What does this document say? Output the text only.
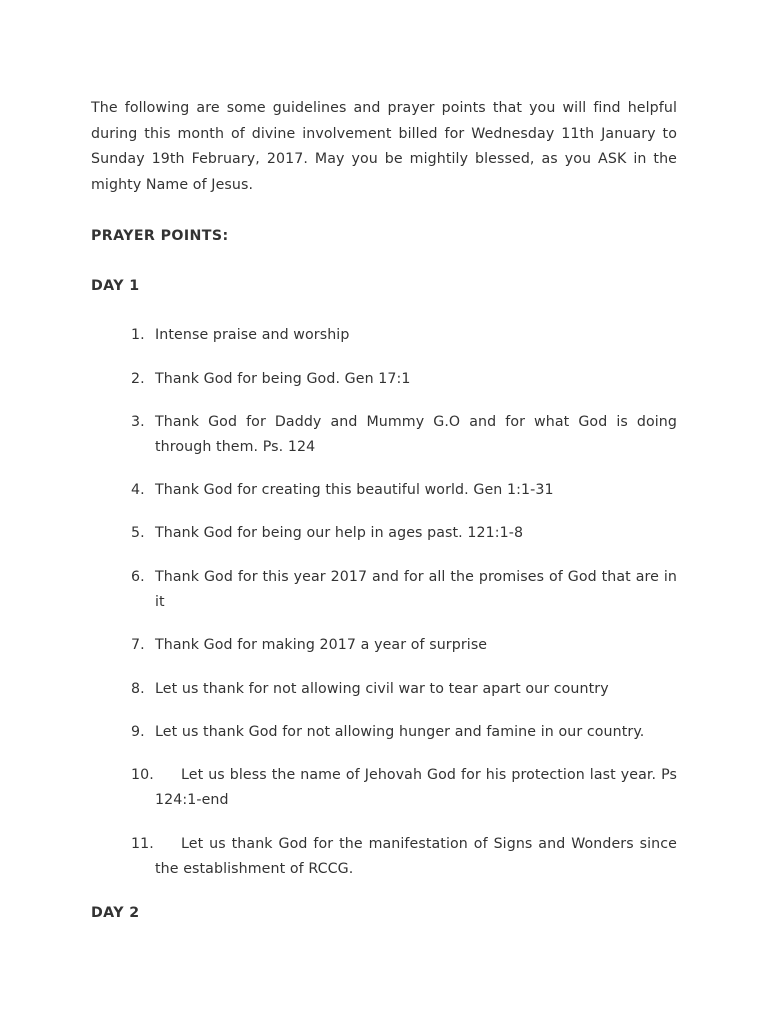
The following are some guidelines and prayer points that you will find helpful during this month of divine involvement billed for Wednesday 11th January to Sunday 19th February, 2017. May you be mightily blessed, as you ASK in the mighty Name of Jesus.

PRAYER POINTS:
DAY 1
1. Intense praise and worship
2. Thank God for being God. Gen 17:1
3. Thank God for Daddy and Mummy G.O and for what God is doing through them. Ps. 124
4. Thank God for creating this beautiful world. Gen 1:1-31
5. Thank God for being our help in ages past. 121:1-8
6. Thank God for this year 2017 and for all the promises of God that are in it
7. Thank God for making 2017 a year of surprise
8. Let us thank for not allowing civil war to tear apart our country
9. Let us thank God for not allowing hunger and famine in our country.
10.	Let us bless the name of Jehovah God for his protection last year. Ps 124:1-end
11.	Let us thank God for the manifestation of Signs and Wonders since the establishment of RCCG.
DAY 2
